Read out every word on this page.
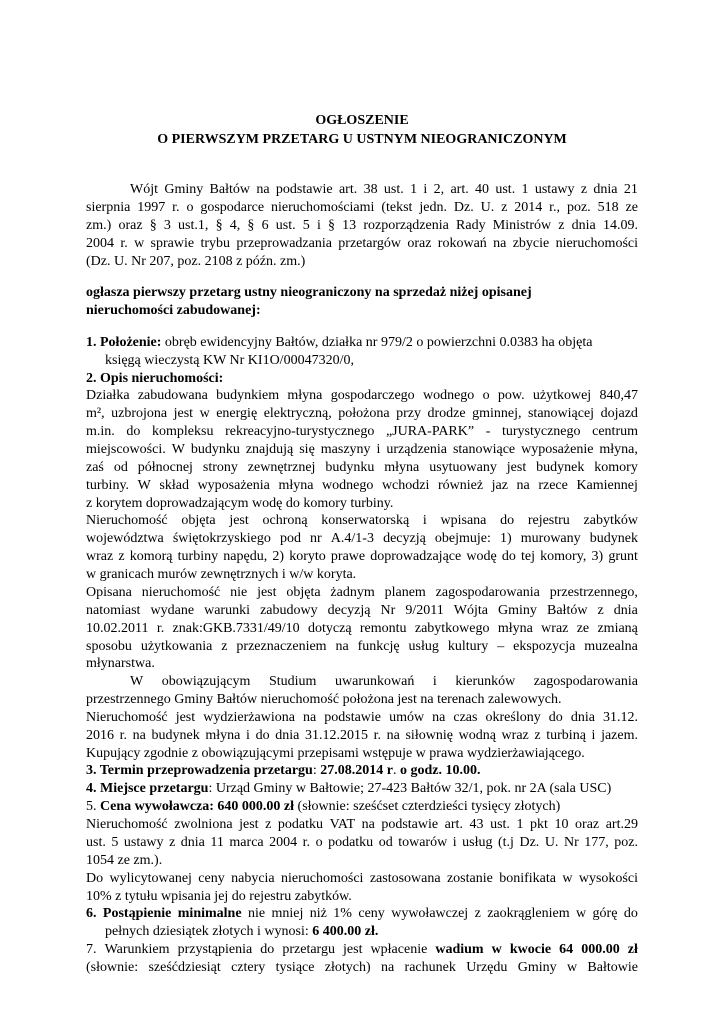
OGŁOSZENIE
O PIERWSZYM PRZETARG U USTNYM NIEOGRANICZONYM
Wójt Gminy Bałtów na podstawie art. 38 ust. 1 i 2, art. 40 ust. 1 ustawy z dnia 21
sierpnia 1997 r. o gospodarce nieruchomościami (tekst jedn. Dz. U. z 2014 r., poz. 518 ze
zm.) oraz § 3 ust.1, § 4, § 6 ust. 5 i § 13 rozporządzenia Rady Ministrów z dnia 14.09.
2004 r. w sprawie trybu przeprowadzania przetargów oraz rokowań na zbycie nieruchomości
(Dz. U. Nr 207, poz. 2108 z późn. zm.)
ogłasza pierwszy przetarg ustny nieograniczony na sprzedaż niżej opisanej
nieruchomości zabudowanej:
1. Położenie: obręb ewidencyjny Bałtów, działka nr 979/2 o powierzchni 0.0383 ha objęta
księgą wieczystą KW Nr KI1O/00047320/0,
2. Opis nieruchomości:
Działka zabudowana budynkiem młyna gospodarczego wodnego o pow. użytkowej 840,47
m², uzbrojona jest w energię elektryczną, położona przy drodze gminnej, stanowiącej dojazd
m.in. do kompleksu rekreacyjno-turystycznego „JURA-PARK” - turystycznego centrum
miejscowości. W budynku znajdują się maszyny i urządzenia stanowiące wyposażenie młyna,
zaś od północnej strony zewnętrznej budynku młyna usytuowany jest budynek komory
turbiny. W skład wyposażenia młyna wodnego wchodzi również jaz na rzece Kamiennej
z korytem doprowadzającym wodę do komory turbiny.
Nieruchomość objęta jest ochroną konserwatorską i wpisana do rejestru zabytków
województwa świętokrzyskiego pod nr A.4/1-3 decyzją obejmuje: 1) murowany budynek
wraz z komorą turbiny napędu, 2) koryto prawe doprowadzające wodę do tej komory, 3) grunt
w granicach murów zewnętrznych i w/w koryta.
Opisana nieruchomość nie jest objęta żadnym planem zagospodarowania przestrzennego,
natomiast wydane warunki zabudowy decyzją Nr 9/2011 Wójta Gminy Bałtów z dnia
10.02.2011 r. znak:GKB.7331/49/10 dotyczą remontu zabytkowego młyna wraz ze zmianą
sposobu użytkowania z przeznaczeniem na funkcję usług kultury – ekspozycja muzealna
młynarstwa.
W obowiązującym Studium uwarunkowań i kierunków zagospodarowania
przestrzennego Gminy Bałtów nieruchomość położona jest na terenach zalewowych.
Nieruchomość jest wydzierżawiona na podstawie umów na czas określony do dnia 31.12.
2016 r. na budynek młyna i do dnia 31.12.2015 r. na siłownię wodną wraz z turbiną i jazem.
Kupujący zgodnie z obowiązującymi przepisami wstępuje w prawa wydzierżawiającego.
3. Termin przeprowadzenia przetargu: 27.08.2014 r. o godz. 10.00.
4. Miejsce przetargu: Urząd Gminy w Bałtowie; 27-423 Bałtów 32/1, pok. nr 2A (sala USC)
5. Cena wywoławcza: 640 000.00 zł (słownie: sześćset czterdzieści tysięcy złotych)
Nieruchomość zwolniona jest z podatku VAT na podstawie art. 43 ust. 1 pkt 10 oraz art.29
ust. 5 ustawy z dnia 11 marca 2004 r. o podatku od towarów i usług (t.j Dz. U. Nr 177, poz.
1054 ze zm.).
Do wylicytowanej ceny nabycia nieruchomości zastosowana zostanie bonifikata w wysokości
10% z tytułu wpisania jej do rejestru zabytków.
6. Postąpienie minimalne nie mniej niż 1% ceny wywoławczej z zaokrągleniem w górę do
pełnych dziesiątek złotych i wynosi: 6 400.00 zł.
7. Warunkiem przystąpienia do przetargu jest wpłacenie wadium w kwocie 64 000.00 zł
(słownie: sześćdziesiąt cztery tysiące złotych) na rachunek Urzędu Gminy w Bałtowie
